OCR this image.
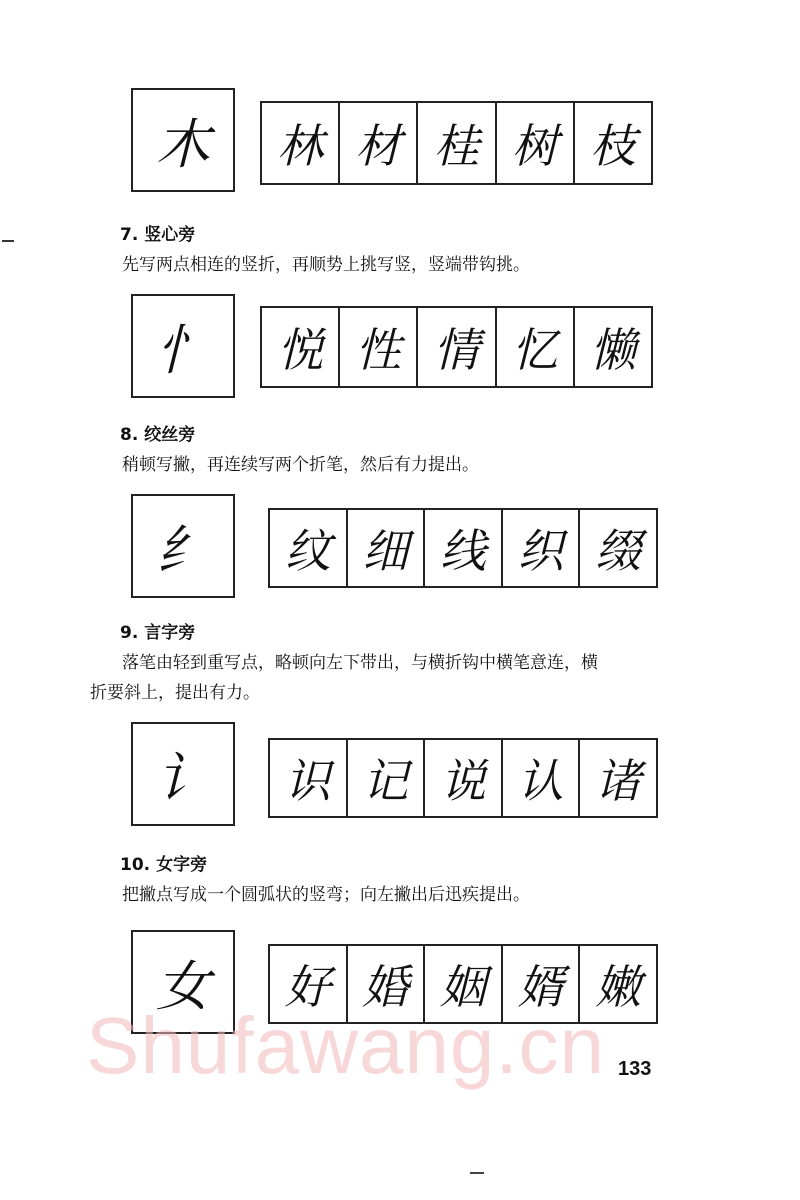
木	林 材 桂 树 枝
7. 竖心旁
先写两点相连的竖折，再顺势上挑写竖，竖端带钩挑。
忄	悦 性 情 忆 懒
8. 绞丝旁
稍顿写撇，再连续写两个折笔，然后有力提出。
纟	纹 细 线 织 缀
9. 言字旁
落笔由轻到重写点，略顿向左下带出，与横折钩中横笔意连，横
折要斜上，提出有力。
讠	识 记 说 认 诸
10. 女字旁
把撇点写成一个圆弧状的竖弯；向左撇出后迅疾提出。
女	好 婚 姻 婿 嫩
Shufawang.cn 133
